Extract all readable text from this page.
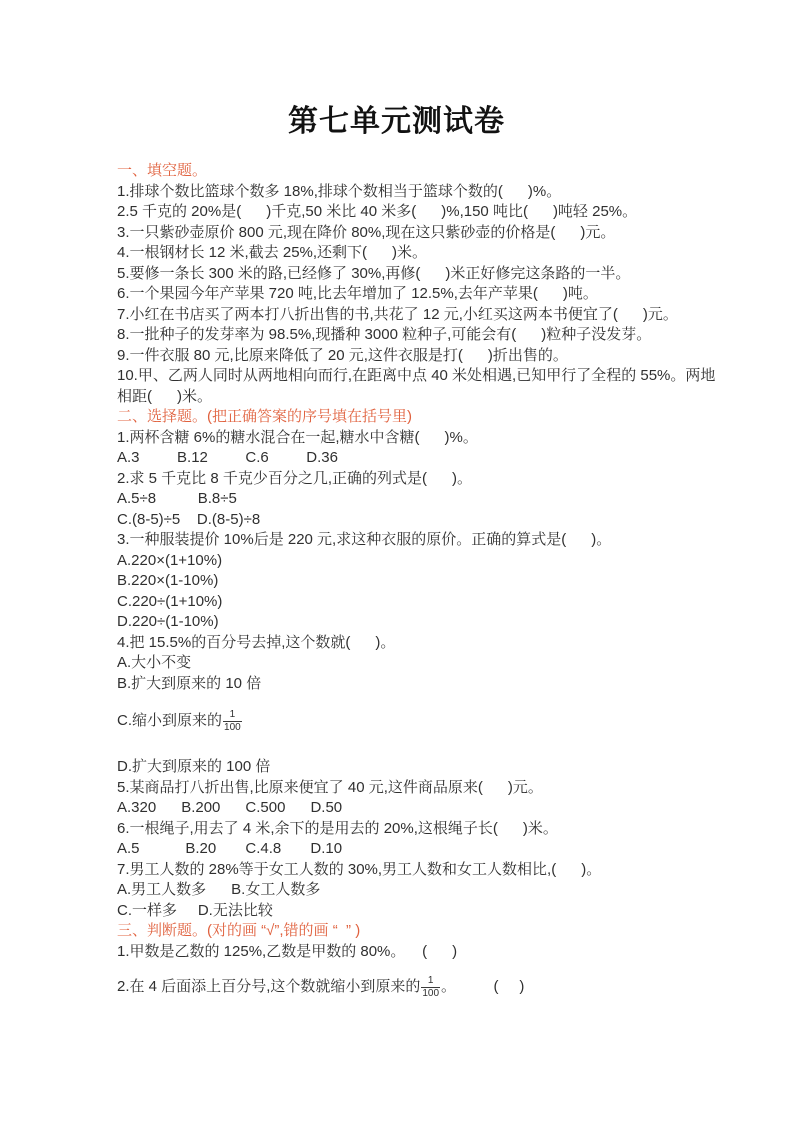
第七单元测试卷
一、填空题。
1.排球个数比篮球个数多 18%,排球个数相当于篮球个数的(      )%。
2.5 千克的 20%是(      )千克,50 米比 40 米多(      )%,150 吨比(      )吨轻 25%。
3.一只紫砂壶原价 800 元,现在降价 80%,现在这只紫砂壶的价格是(      )元。
4.一根钢材长 12 米,截去 25%,还剩下(      )米。
5.要修一条长 300 米的路,已经修了 30%,再修(      )米正好修完这条路的一半。
6.一个果园今年产苹果 720 吨,比去年增加了 12.5%,去年产苹果(      )吨。
7.小红在书店买了两本打八折出售的书,共花了 12 元,小红买这两本书便宜了(      )元。
8.一批种子的发芽率为 98.5%,现播种 3000 粒种子,可能会有(      )粒种子没发芽。
9.一件衣服 80 元,比原来降低了 20 元,这件衣服是打(      )折出售的。
10.甲、乙两人同时从两地相向而行,在距离中点 40 米处相遇,已知甲行了全程的 55%。两地
相距(      )米。
二、选择题。(把正确答案的序号填在括号里)
1.两杯含糖 6%的糖水混合在一起,糖水中含糖(      )%。
A.3         B.12         C.6         D.36
2.求 5 千克比 8 千克少百分之几,正确的列式是(      )。
A.5÷8          B.8÷5
C.(8-5)÷5    D.(8-5)÷8
3.一种服装提价 10%后是 220 元,求这种衣服的原价。正确的算式是(      )。
A.220×(1+10%)
B.220×(1-10%)
C.220÷(1+10%)
D.220÷(1-10%)
4.把 15.5%的百分号去掉,这个数就(      )。
A.大小不变
B.扩大到原来的 10 倍
C.缩小到原来的 $\frac{1}{100}$
D.扩大到原来的 100 倍
5.某商品打八折出售,比原来便宜了 40 元,这件商品原来(      )元。
A.320      B.200      C.500      D.50
6.一根绳子,用去了 4 米,余下的是用去的 20%,这根绳子长(      )米。
A.5           B.20       C.4.8       D.10
7.男工人数的 28%等于女工人数的 30%,男工人数和女工人数相比,(      )。
A.男工人数多      B.女工人数多
C.一样多     D.无法比较
三、判断题。(对的画 “√”,错的画 “  ” )
1.甲数是乙数的 125%,乙数是甲数的 80%。    (      )
2.在 4 后面添上百分号,这个数就缩小到原来的 $\frac{1}{100}$ 。         (     )
